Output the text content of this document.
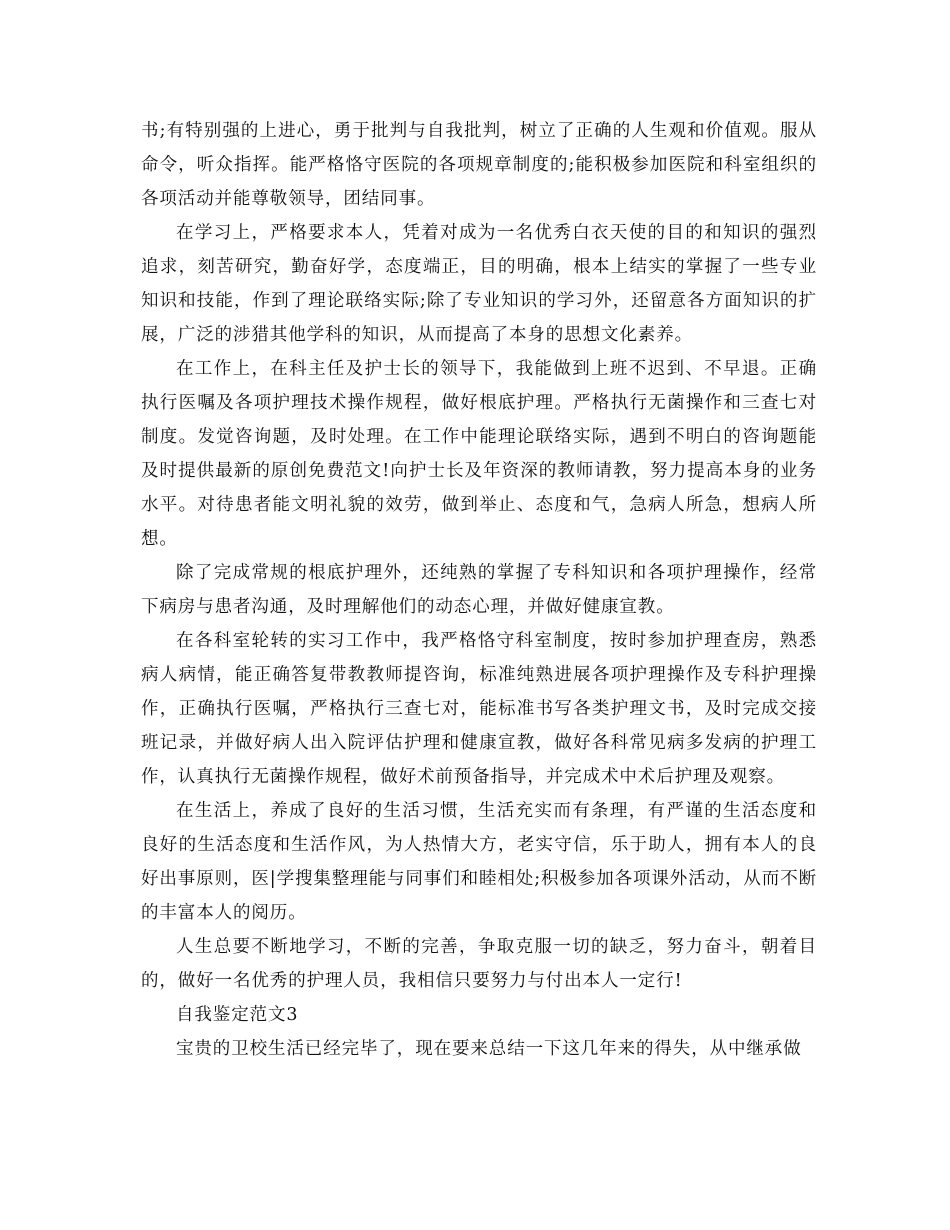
书;有特别强的上进心，勇于批判与自我批判，树立了正确的人生观和价值观。服从命令，听众指挥。能严格恪守医院的各项规章制度的;能积极参加医院和科室组织的各项活动并能尊敬领导，团结同事。

在学习上，严格要求本人，凭着对成为一名优秀白衣天使的目的和知识的强烈追求，刻苦研究，勤奋好学，态度端正，目的明确，根本上结实的掌握了一些专业知识和技能，作到了理论联络实际;除了专业知识的学习外，还留意各方面知识的扩展，广泛的涉猎其他学科的知识，从而提高了本身的思想文化素养。

在工作上，在科主任及护士长的领导下，我能做到上班不迟到、不早退。正确执行医嘱及各项护理技术操作规程，做好根底护理。严格执行无菌操作和三查七对制度。发觉咨询题，及时处理。在工作中能理论联络实际，遇到不明白的咨询题能及时提供最新的原创免费范文!向护士长及年资深的教师请教，努力提高本身的业务水平。对待患者能文明礼貌的效劳，做到举止、态度和气，急病人所急，想病人所想。

除了完成常规的根底护理外，还纯熟的掌握了专科知识和各项护理操作，经常下病房与患者沟通，及时理解他们的动态心理，并做好健康宣教。

在各科室轮转的实习工作中，我严格恪守科室制度，按时参加护理查房，熟悉病人病情，能正确答复带教教师提咨询，标准纯熟进展各项护理操作及专科护理操作，正确执行医嘱，严格执行三查七对，能标准书写各类护理文书，及时完成交接班记录，并做好病人出入院评估护理和健康宣教，做好各科常见病多发病的护理工作，认真执行无菌操作规程，做好术前预备指导，并完成术中术后护理及观察。

在生活上，养成了良好的生活习惯，生活充实而有条理，有严谨的生活态度和良好的生活态度和生活作风，为人热情大方，老实守信，乐于助人，拥有本人的良好出事原则，医|学搜集整理能与同事们和睦相处;积极参加各项课外活动，从而不断的丰富本人的阅历。

人生总要不断地学习，不断的完善，争取克服一切的缺乏，努力奋斗，朝着目的，做好一名优秀的护理人员，我相信只要努力与付出本人一定行!

自我鉴定范文3

宝贵的卫校生活已经完毕了，现在要来总结一下这几年来的得失，从中继承做
